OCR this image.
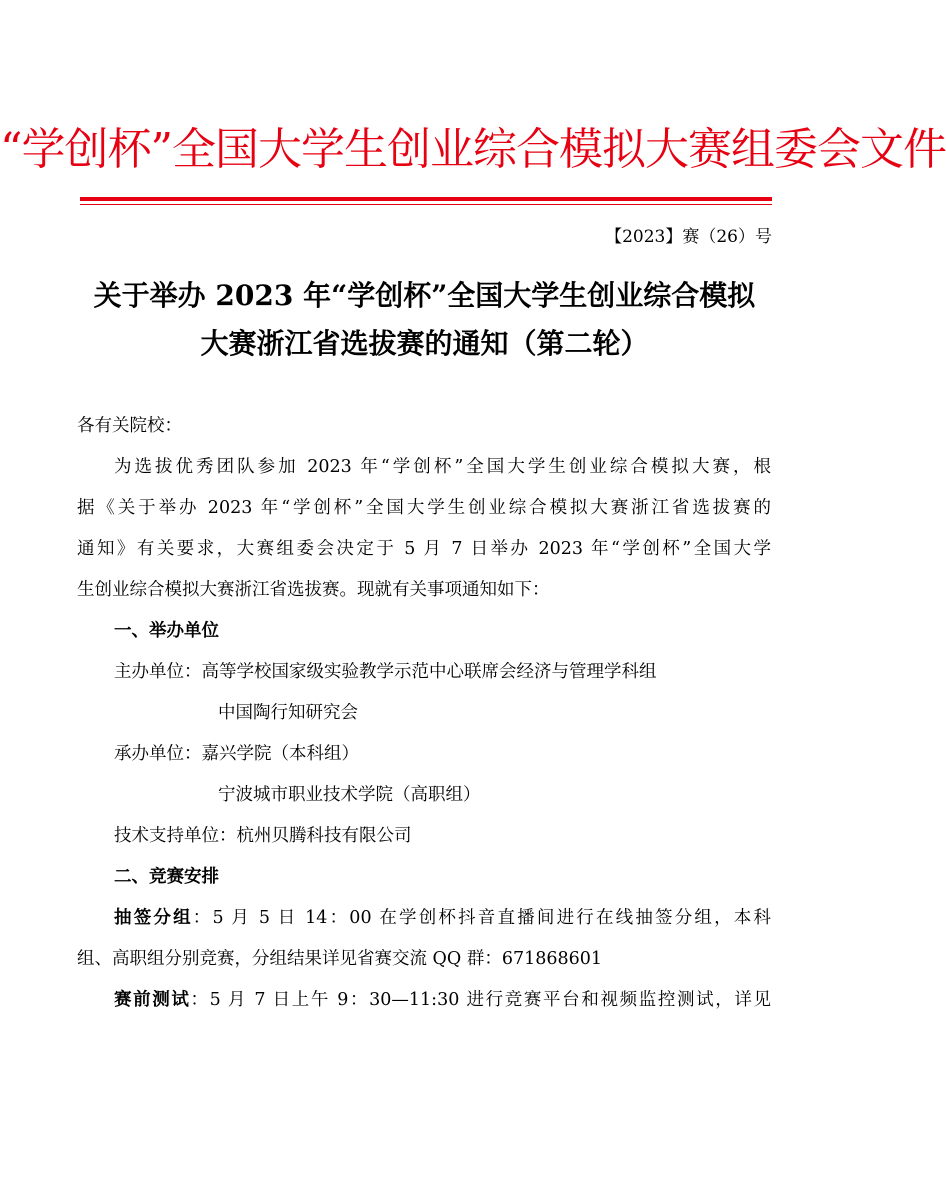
“学创杯”全国大学生创业综合模拟大赛组委会文件
【2023】赛（26）号
关于举办 2023 年“学创杯”全国大学生创业综合模拟
大赛浙江省选拔赛的通知（第二轮）
各有关院校：
为选拔优秀团队参加 2023 年“学创杯”全国大学生创业综合模拟大赛，根
据《关于举办 2023 年“学创杯”全国大学生创业综合模拟大赛浙江省选拔赛的
通知》有关要求，大赛组委会决定于 5 月 7 日举办 2023 年“学创杯”全国大学
生创业综合模拟大赛浙江省选拔赛。现就有关事项通知如下：
一、举办单位
主办单位：高等学校国家级实验教学示范中心联席会经济与管理学科组
中国陶行知研究会
承办单位：嘉兴学院（本科组）
宁波城市职业技术学院（高职组）
技术支持单位：杭州贝腾科技有限公司
二、竞赛安排
抽签分组：5 月 5 日 14：00 在学创杯抖音直播间进行在线抽签分组，本科
组、高职组分别竞赛，分组结果详见省赛交流 QQ 群：671868601
赛前测试：5 月 7 日上午 9：30—11:30 进行竞赛平台和视频监控测试，详见
